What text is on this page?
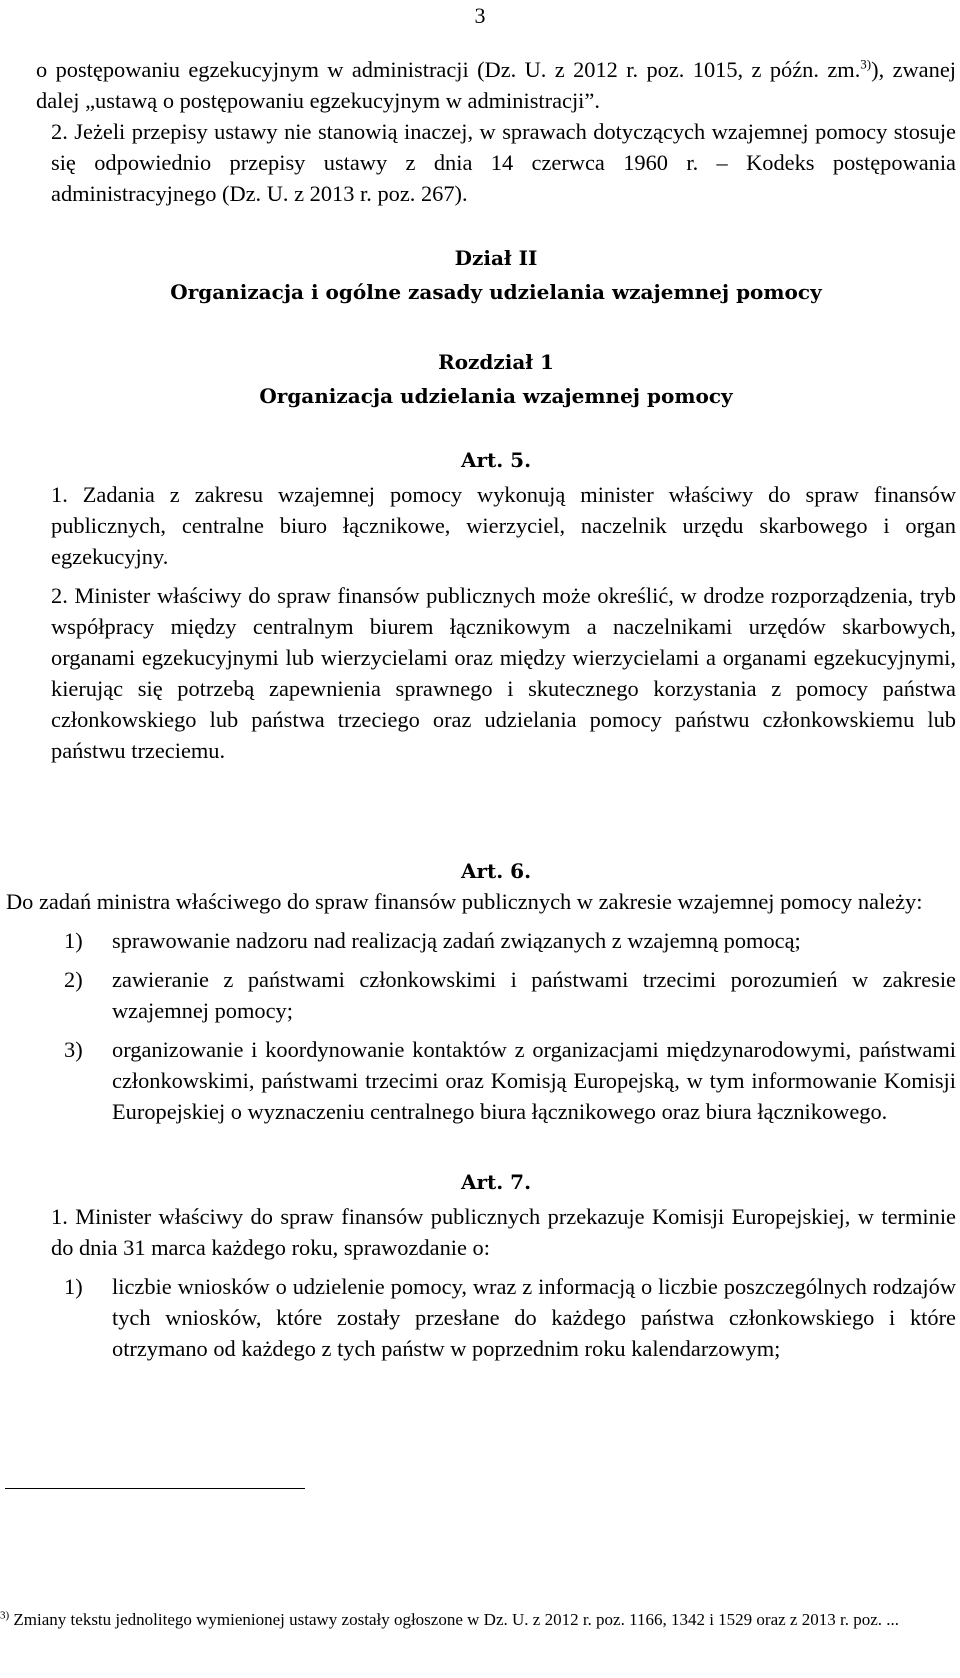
3

o postępowaniu egzekucyjnym w administracji (Dz. U. z 2012 r. poz. 1015, z późn. zm.$^{3)}$), zwanej dalej „ustawą o postępowaniu egzekucyjnym w administracji”.

2. Jeżeli przepisy ustawy nie stanowią inaczej, w sprawach dotyczących wzajemnej pomocy stosuje się odpowiednio przepisy ustawy z dnia 14 czerwca 1960 r. – Kodeks postępowania administracyjnego (Dz. U. z 2013 r. poz. 267).

Dział II
Organizacja i ogólne zasady udzielania wzajemnej pomocy
Rozdział 1
Organizacja udzielania wzajemnej pomocy
Art. 5.

1. Zadania z zakresu wzajemnej pomocy wykonują minister właściwy do spraw finansów publicznych, centralne biuro łącznikowe, wierzyciel, naczelnik urzędu skarbowego i organ egzekucyjny.

2. Minister właściwy do spraw finansów publicznych może określić, w drodze rozporządzenia, tryb współpracy między centralnym biurem łącznikowym a naczelnikami urzędów skarbowych, organami egzekucyjnymi lub wierzycielami oraz między wierzycielami a organami egzekucyjnymi, kierując się potrzebą zapewnienia sprawnego i skutecznego korzystania z pomocy państwa członkowskiego lub państwa trzeciego oraz udzielania pomocy państwu członkowskiemu lub państwu trzeciemu.

Art. 6.

Do zadań ministra właściwego do spraw finansów publicznych w zakresie wzajemnej pomocy należy:

1)	sprawowanie nadzoru nad realizacją zadań związanych z wzajemną pomocą;
2)	zawieranie z państwami członkowskimi i państwami trzecimi porozumień w zakresie wzajemnej pomocy;
3)	organizowanie i koordynowanie kontaktów z organizacjami międzynarodowymi, państwami członkowskimi, państwami trzecimi oraz Komisją Europejską, w tym informowanie Komisji Europejskiej o wyznaczeniu centralnego biura łącznikowego oraz biura łącznikowego.
Art. 7.

1. Minister właściwy do spraw finansów publicznych przekazuje Komisji Europejskiej, w terminie do dnia 31 marca każdego roku, sprawozdanie o:

1)	liczbie wniosków o udzielenie pomocy, wraz z informacją o liczbie poszczególnych rodzajów tych wniosków, które zostały przesłane do każdego państwa członkowskiego i które otrzymano od każdego z tych państw w poprzednim roku kalendarzowym;
$^{3)}$ Zmiany tekstu jednolitego wymienionej ustawy zostały ogłoszone w Dz. U. z 2012 r. poz. 1166, 1342 i 1529 oraz z 2013 r. poz. ...
